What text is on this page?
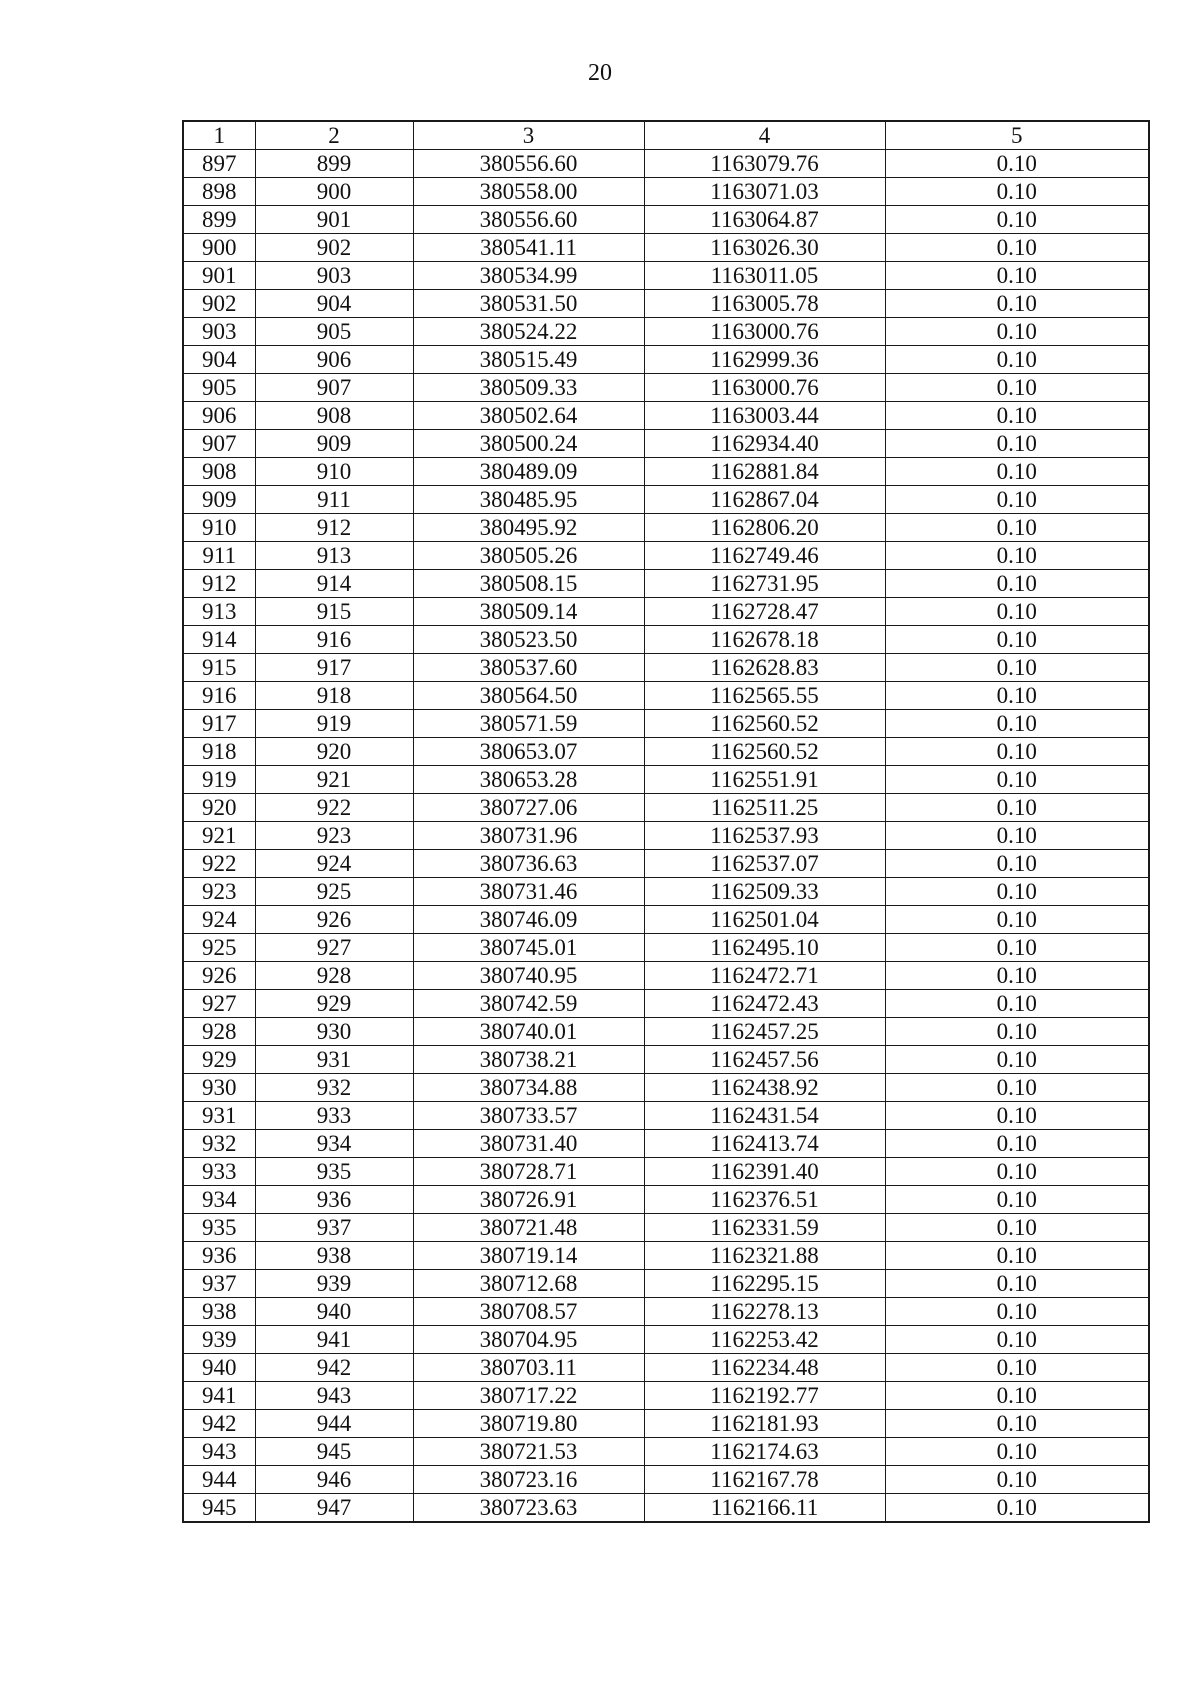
20
1	2	3	4	5
897	899	380556.60	1163079.76	0.10
898	900	380558.00	1163071.03	0.10
899	901	380556.60	1163064.87	0.10
900	902	380541.11	1163026.30	0.10
901	903	380534.99	1163011.05	0.10
902	904	380531.50	1163005.78	0.10
903	905	380524.22	1163000.76	0.10
904	906	380515.49	1162999.36	0.10
905	907	380509.33	1163000.76	0.10
906	908	380502.64	1163003.44	0.10
907	909	380500.24	1162934.40	0.10
908	910	380489.09	1162881.84	0.10
909	911	380485.95	1162867.04	0.10
910	912	380495.92	1162806.20	0.10
911	913	380505.26	1162749.46	0.10
912	914	380508.15	1162731.95	0.10
913	915	380509.14	1162728.47	0.10
914	916	380523.50	1162678.18	0.10
915	917	380537.60	1162628.83	0.10
916	918	380564.50	1162565.55	0.10
917	919	380571.59	1162560.52	0.10
918	920	380653.07	1162560.52	0.10
919	921	380653.28	1162551.91	0.10
920	922	380727.06	1162511.25	0.10
921	923	380731.96	1162537.93	0.10
922	924	380736.63	1162537.07	0.10
923	925	380731.46	1162509.33	0.10
924	926	380746.09	1162501.04	0.10
925	927	380745.01	1162495.10	0.10
926	928	380740.95	1162472.71	0.10
927	929	380742.59	1162472.43	0.10
928	930	380740.01	1162457.25	0.10
929	931	380738.21	1162457.56	0.10
930	932	380734.88	1162438.92	0.10
931	933	380733.57	1162431.54	0.10
932	934	380731.40	1162413.74	0.10
933	935	380728.71	1162391.40	0.10
934	936	380726.91	1162376.51	0.10
935	937	380721.48	1162331.59	0.10
936	938	380719.14	1162321.88	0.10
937	939	380712.68	1162295.15	0.10
938	940	380708.57	1162278.13	0.10
939	941	380704.95	1162253.42	0.10
940	942	380703.11	1162234.48	0.10
941	943	380717.22	1162192.77	0.10
942	944	380719.80	1162181.93	0.10
943	945	380721.53	1162174.63	0.10
944	946	380723.16	1162167.78	0.10
945	947	380723.63	1162166.11	0.10
